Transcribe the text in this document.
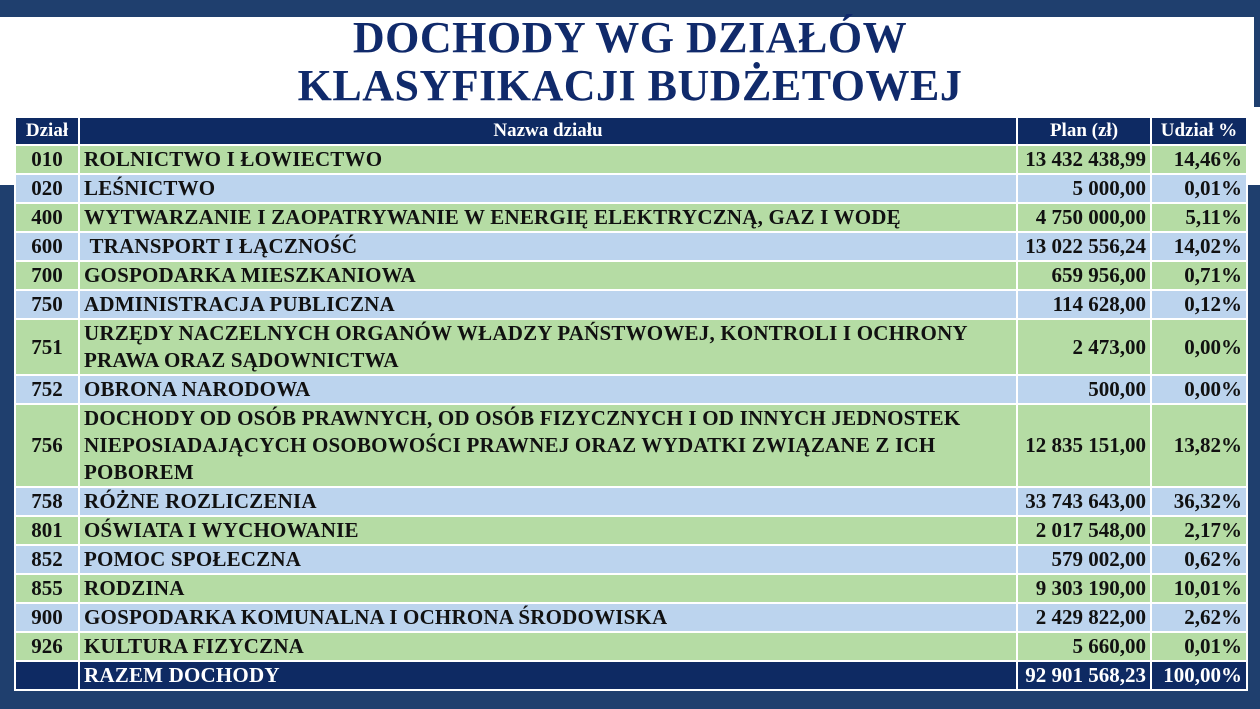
DOCHODY WG DZIAŁÓW
KLASYFIKACJI BUDŻETOWEJ
Dział	Nazwa działu	Plan (zł)	Udział %
010	ROLNICTWO I ŁOWIECTWO	13 432 438,99	14,46%
020	LEŚNICTWO	5 000,00	0,01%
400	WYTWARZANIE I ZAOPATRYWANIE W ENERGIĘ ELEKTRYCZNĄ, GAZ I WODĘ	4 750 000,00	5,11%
600	TRANSPORT I ŁĄCZNOŚĆ	13 022 556,24	14,02%
700	GOSPODARKA MIESZKANIOWA	659 956,00	0,71%
750	ADMINISTRACJA PUBLICZNA	114 628,00	0,12%
751	URZĘDY NACZELNYCH ORGANÓW WŁADZY PAŃSTWOWEJ, KONTROLI I OCHRONY PRAWA ORAZ SĄDOWNICTWA	2 473,00	0,00%
752	OBRONA NARODOWA	500,00	0,00%
756	DOCHODY OD OSÓB PRAWNYCH, OD OSÓB FIZYCZNYCH I OD INNYCH JEDNOSTEK NIEPOSIADAJĄCYCH OSOBOWOŚCI PRAWNEJ ORAZ WYDATKI ZWIĄZANE Z ICH POBOREM	12 835 151,00	13,82%
758	RÓŻNE ROZLICZENIA	33 743 643,00	36,32%
801	OŚWIATA I WYCHOWANIE	2 017 548,00	2,17%
852	POMOC SPOŁECZNA	579 002,00	0,62%
855	RODZINA	9 303 190,00	10,01%
900	GOSPODARKA KOMUNALNA I OCHRONA ŚRODOWISKA	2 429 822,00	2,62%
926	KULTURA FIZYCZNA	5 660,00	0,01%
	RAZEM DOCHODY	92 901 568,23	100,00%
